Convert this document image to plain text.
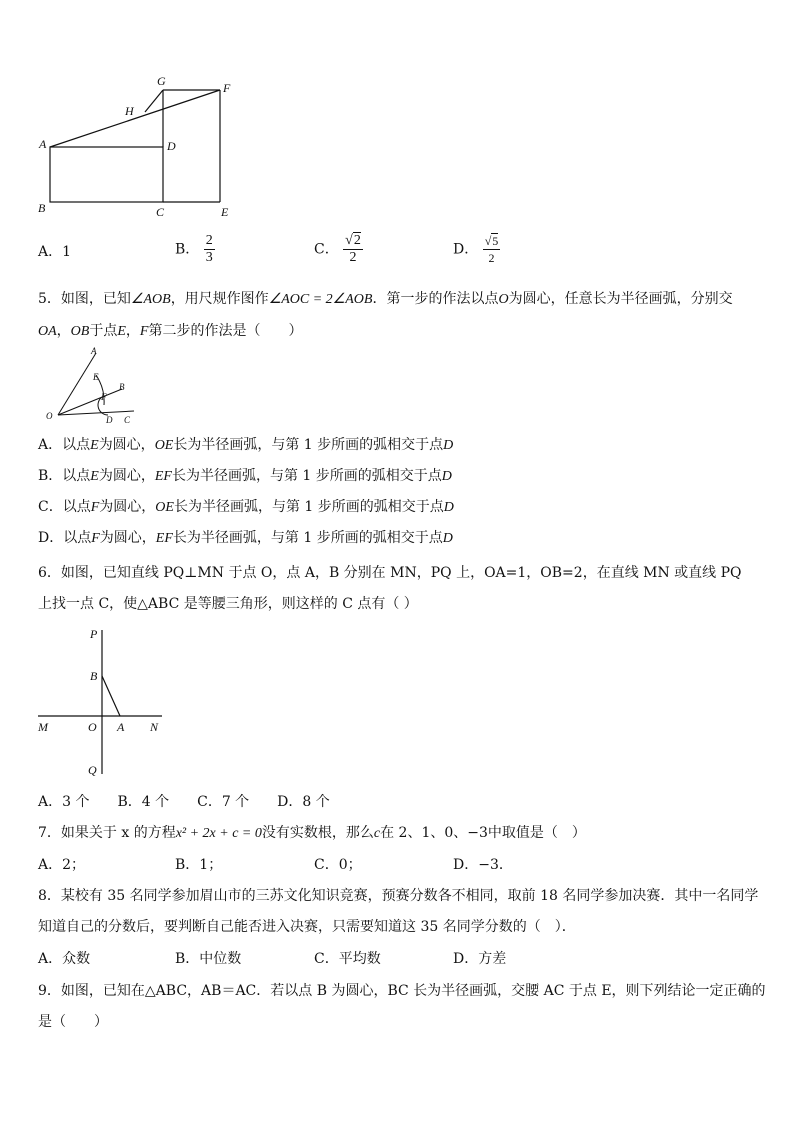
A
B	C
D
E
F
G
H
A．1	B． $\frac{2}{3}$	C． $\frac{√2}{2}$	D． $\frac{√5}{2}$
5．如图，已知∠AOB，用尺规作图作∠AOC = 2∠AOB．第一步的作法以点O为圆心，任意长为半径画弧，分别交
OA，OB于点E，F第二步的作法是（　　）
A
E
B
F
O	D C
A．以点E为圆心，OE长为半径画弧，与第 1 步所画的弧相交于点D
B．以点E为圆心，EF长为半径画弧，与第 1 步所画的弧相交于点D
C．以点F为圆心，OE长为半径画弧，与第 1 步所画的弧相交于点D
D．以点F为圆心，EF长为半径画弧，与第 1 步所画的弧相交于点D
6．如图，已知直线 PQ⊥MN 于点 O，点 A，B 分别在 MN，PQ 上，OA=1，OB=2，在直线 MN 或直线 PQ
上找一点 C，使△ABC 是等腰三角形，则这样的 C 点有（ ）
P
B
M	O A N
Q
A．3 个　　B．4 个　　C．7 个　　D．8 个
7．如果关于 x 的方程x² + 2x + c = 0没有实数根，那么c在 2、1、0、−3中取值是（　）
A．2；	B．1；	C．0；	D．−3．
8．某校有 35 名同学参加眉山市的三苏文化知识竞赛，预赛分数各不相同，取前 18 名同学参加决赛．其中一名同学
知道自己的分数后，要判断自己能否进入决赛，只需要知道这 35 名同学分数的（　）．
A．众数	B．中位数	C．平均数	D．方差
9．如图，已知在△ABC，AB＝AC．若以点 B 为圆心，BC 长为半径画弧，交腰 AC 于点 E，则下列结论一定正确的
是（　　）
